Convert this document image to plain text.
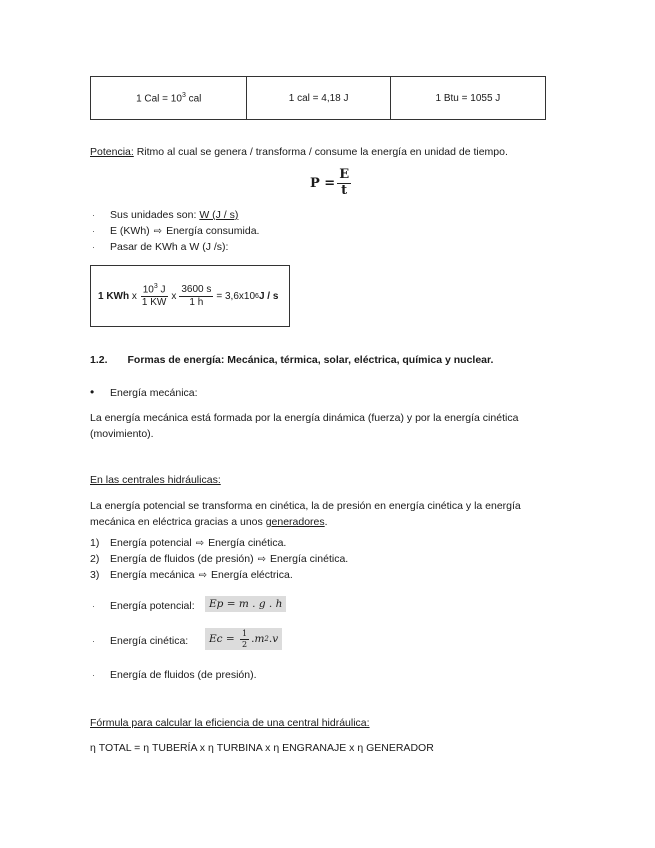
1 Cal = $10^3$ cal	1 cal = 4,18 J	1 Btu = 1055 J
Potencia: Ritmo al cual se genera / transforma / consume la energía en unidad de tiempo.
$P = \frac{E}{t}$
· Sus unidades son: W (J / s)
· E (KWh) ⇨ Energía consumida.
· Pasar de KWh a W (J /s):
1 KWh
x $\frac{10^3 J}{1 KW}$ x $\frac{3600 s}{1 h} = 3,6x10$ 6 J / s
1.2. Formas de energía: Mecánica, térmica, solar, eléctrica, química y nuclear.
• Energía mecánica:
La energía mecánica está formada por la energía dinámica (fuerza) y por la energía cinética (movimiento).
En las centrales hidráulicas:
La energía potencial se transforma en cinética, la de presión en energía cinética y la energía mecánica en eléctrica gracias a unos generadores.
1) Energía potencial ⇨ Energía cinética.
2) Energía de fluidos (de presión) ⇨ Energía cinética.
3) Energía mecánica ⇨ Energía eléctrica.
· Energía potencial:	Ep = m . g . h
· Energía cinética: Ec =
$\frac{1}{2} .m$ 2 .v
· Energía de fluidos (de presión).
Fórmula para calcular la eficiencia de una central hidráulica:
η TOTAL = η TUBERÍA x η TURBINA x η ENGRANAJE x η GENERADOR
